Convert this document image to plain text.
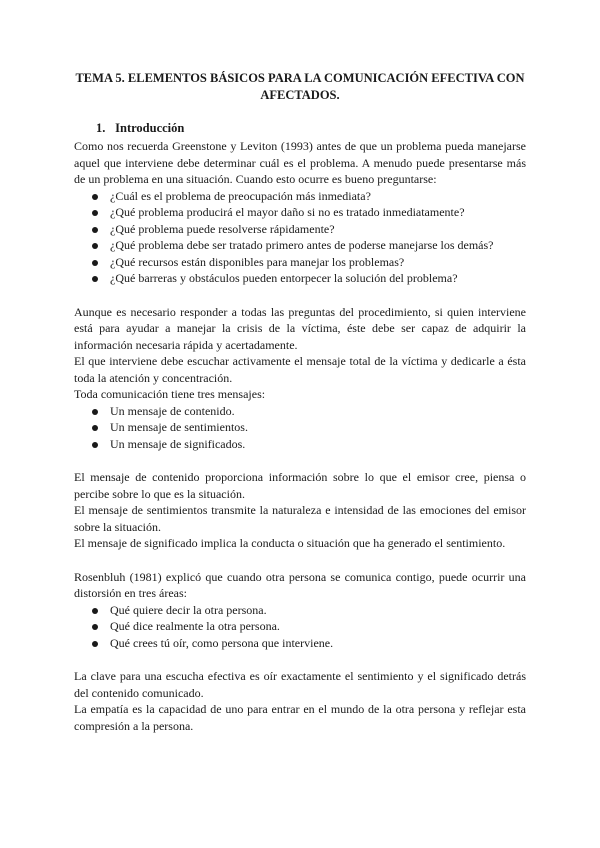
TEMA 5. ELEMENTOS BÁSICOS PARA LA COMUNICACIÓN EFECTIVA CON AFECTADOS.
1. Introducción

Como nos recuerda Greenstone y Leviton (1993) antes de que un problema pueda manejarse aquel que interviene debe determinar cuál es el problema. A menudo puede presentarse más de un problema en una situación. Cuando esto ocurre es bueno preguntarse:

¿Cuál es el problema de preocupación más inmediata?
¿Qué problema producirá el mayor daño si no es tratado inmediatamente?
¿Qué problema puede resolverse rápidamente?
¿Qué problema debe ser tratado primero antes de poderse manejarse los demás?
¿Qué recursos están disponibles para manejar los problemas?
¿Qué barreras y obstáculos pueden entorpecer la solución del problema?

Aunque es necesario responder a todas las preguntas del procedimiento, si quien interviene está para ayudar a manejar la crisis de la víctima, éste debe ser capaz de adquirir la información necesaria rápida y acertadamente.

El que interviene debe escuchar activamente el mensaje total de la víctima y dedicarle a ésta toda la atención y concentración.

Toda comunicación tiene tres mensajes:

Un mensaje de contenido.
Un mensaje de sentimientos.
Un mensaje de significados.

El mensaje de contenido proporciona información sobre lo que el emisor cree, piensa o percibe sobre lo que es la situación.

El mensaje de sentimientos transmite la naturaleza e intensidad de las emociones del emisor sobre la situación.

El mensaje de significado implica la conducta o situación que ha generado el sentimiento.

Rosenbluh (1981) explicó que cuando otra persona se comunica contigo, puede ocurrir una distorsión en tres áreas:

Qué quiere decir la otra persona.
Qué dice realmente la otra persona.
Qué crees tú oír, como persona que interviene.

La clave para una escucha efectiva es oír exactamente el sentimiento y el significado detrás del contenido comunicado.

La empatía es la capacidad de uno para entrar en el mundo de la otra persona y reflejar esta compresión a la persona.
